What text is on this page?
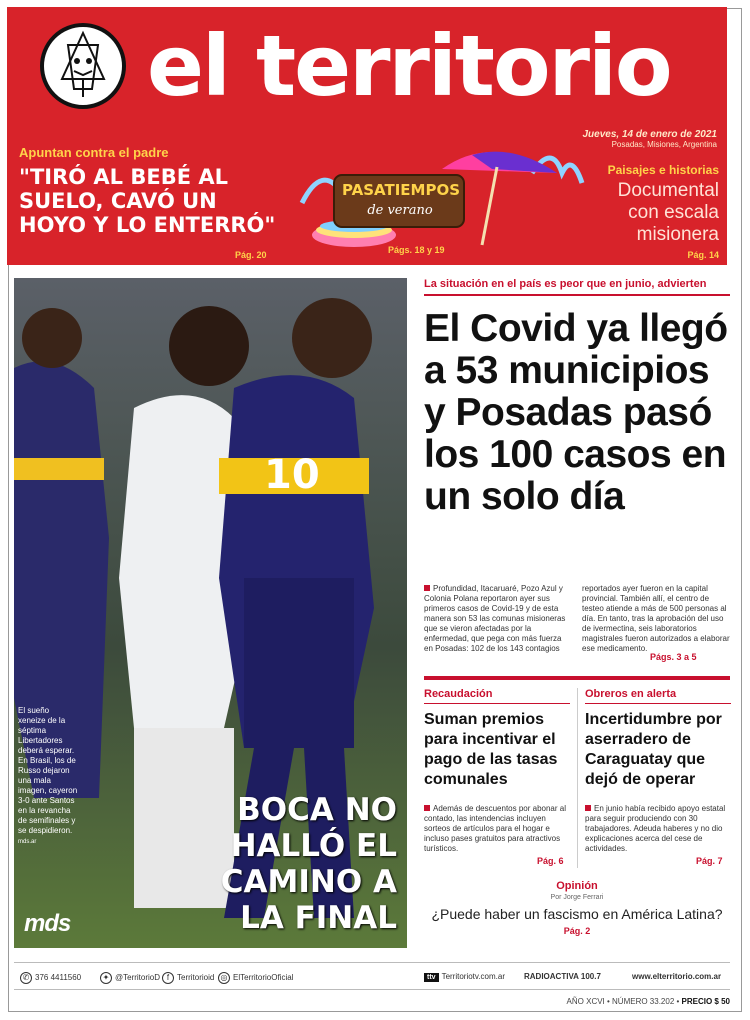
el territorio
Jueves, 14 de enero de 2021
Posadas, Misiones, Argentina
Apuntan contra el padre
"TIRÓ AL BEBÉ AL SUELO, CAVÓ UN HOYO Y LO ENTERRÓ"
Pág. 20
PASATIEMPOS
de verano
Págs. 18 y 19
Paisajes e historias
Documental con escala misionera
Pág. 14
10
El sueño xeneize de la séptima Libertadores deberá esperar. En Brasil, los de Russo dejaron una mala imagen, cayeron 3-0 ante Santos en la revancha de semifinales y se despidieron. mds.ar
mds
BOCA NO HALLÓ EL CAMINO A LA FINAL
La situación en el país es peor que en junio, advierten
El Covid ya llegó a 53 municipios y Posadas pasó los 100 casos en un solo día
Profundidad, Itacaruaré, Pozo Azul y Colonia Polana reportaron ayer sus primeros casos de Covid-19 y de esta manera son 53 las comunas misioneras que se vieron afectadas por la enfermedad, que pega con más fuerza en Posadas: 102 de los 143 contagios reportados ayer fueron en la capital provincial. También allí, el centro de testeo atiende a más de 500 personas al día. En tanto, tras la aprobación del uso de ivermectina, seis laboratorios magistrales fueron autorizados a elaborar ese medicamento.
Págs. 3 a 5
Recaudación
Suman premios para incentivar el pago de las tasas comunales
Además de descuentos por abonar al contado, las intendencias incluyen sorteos de artículos para el hogar e incluso pases gratuitos para atractivos turísticos.
Pág. 6
Obreros en alerta
Incertidumbre por aserradero de Caraguatay que dejó de operar
En junio había recibido apoyo estatal para seguir produciendo con 30 trabajadores. Adeuda haberes y no dio explicaciones acerca del cese de actividades.
Pág. 7
Opinión
Por Jorge Ferrari
¿Puede haber un fascismo en América Latina?
Pág. 2
✆ 376 4411560	✦ @TerritorioD f Territorioid ◎ ElTerritorioOficial	ttv Territoriotv.com.ar RADIOACTIVA 100.7	www.elterritorio.com.ar
AÑO XCVI • NÚMERO 33.202 • PRECIO $ 50
